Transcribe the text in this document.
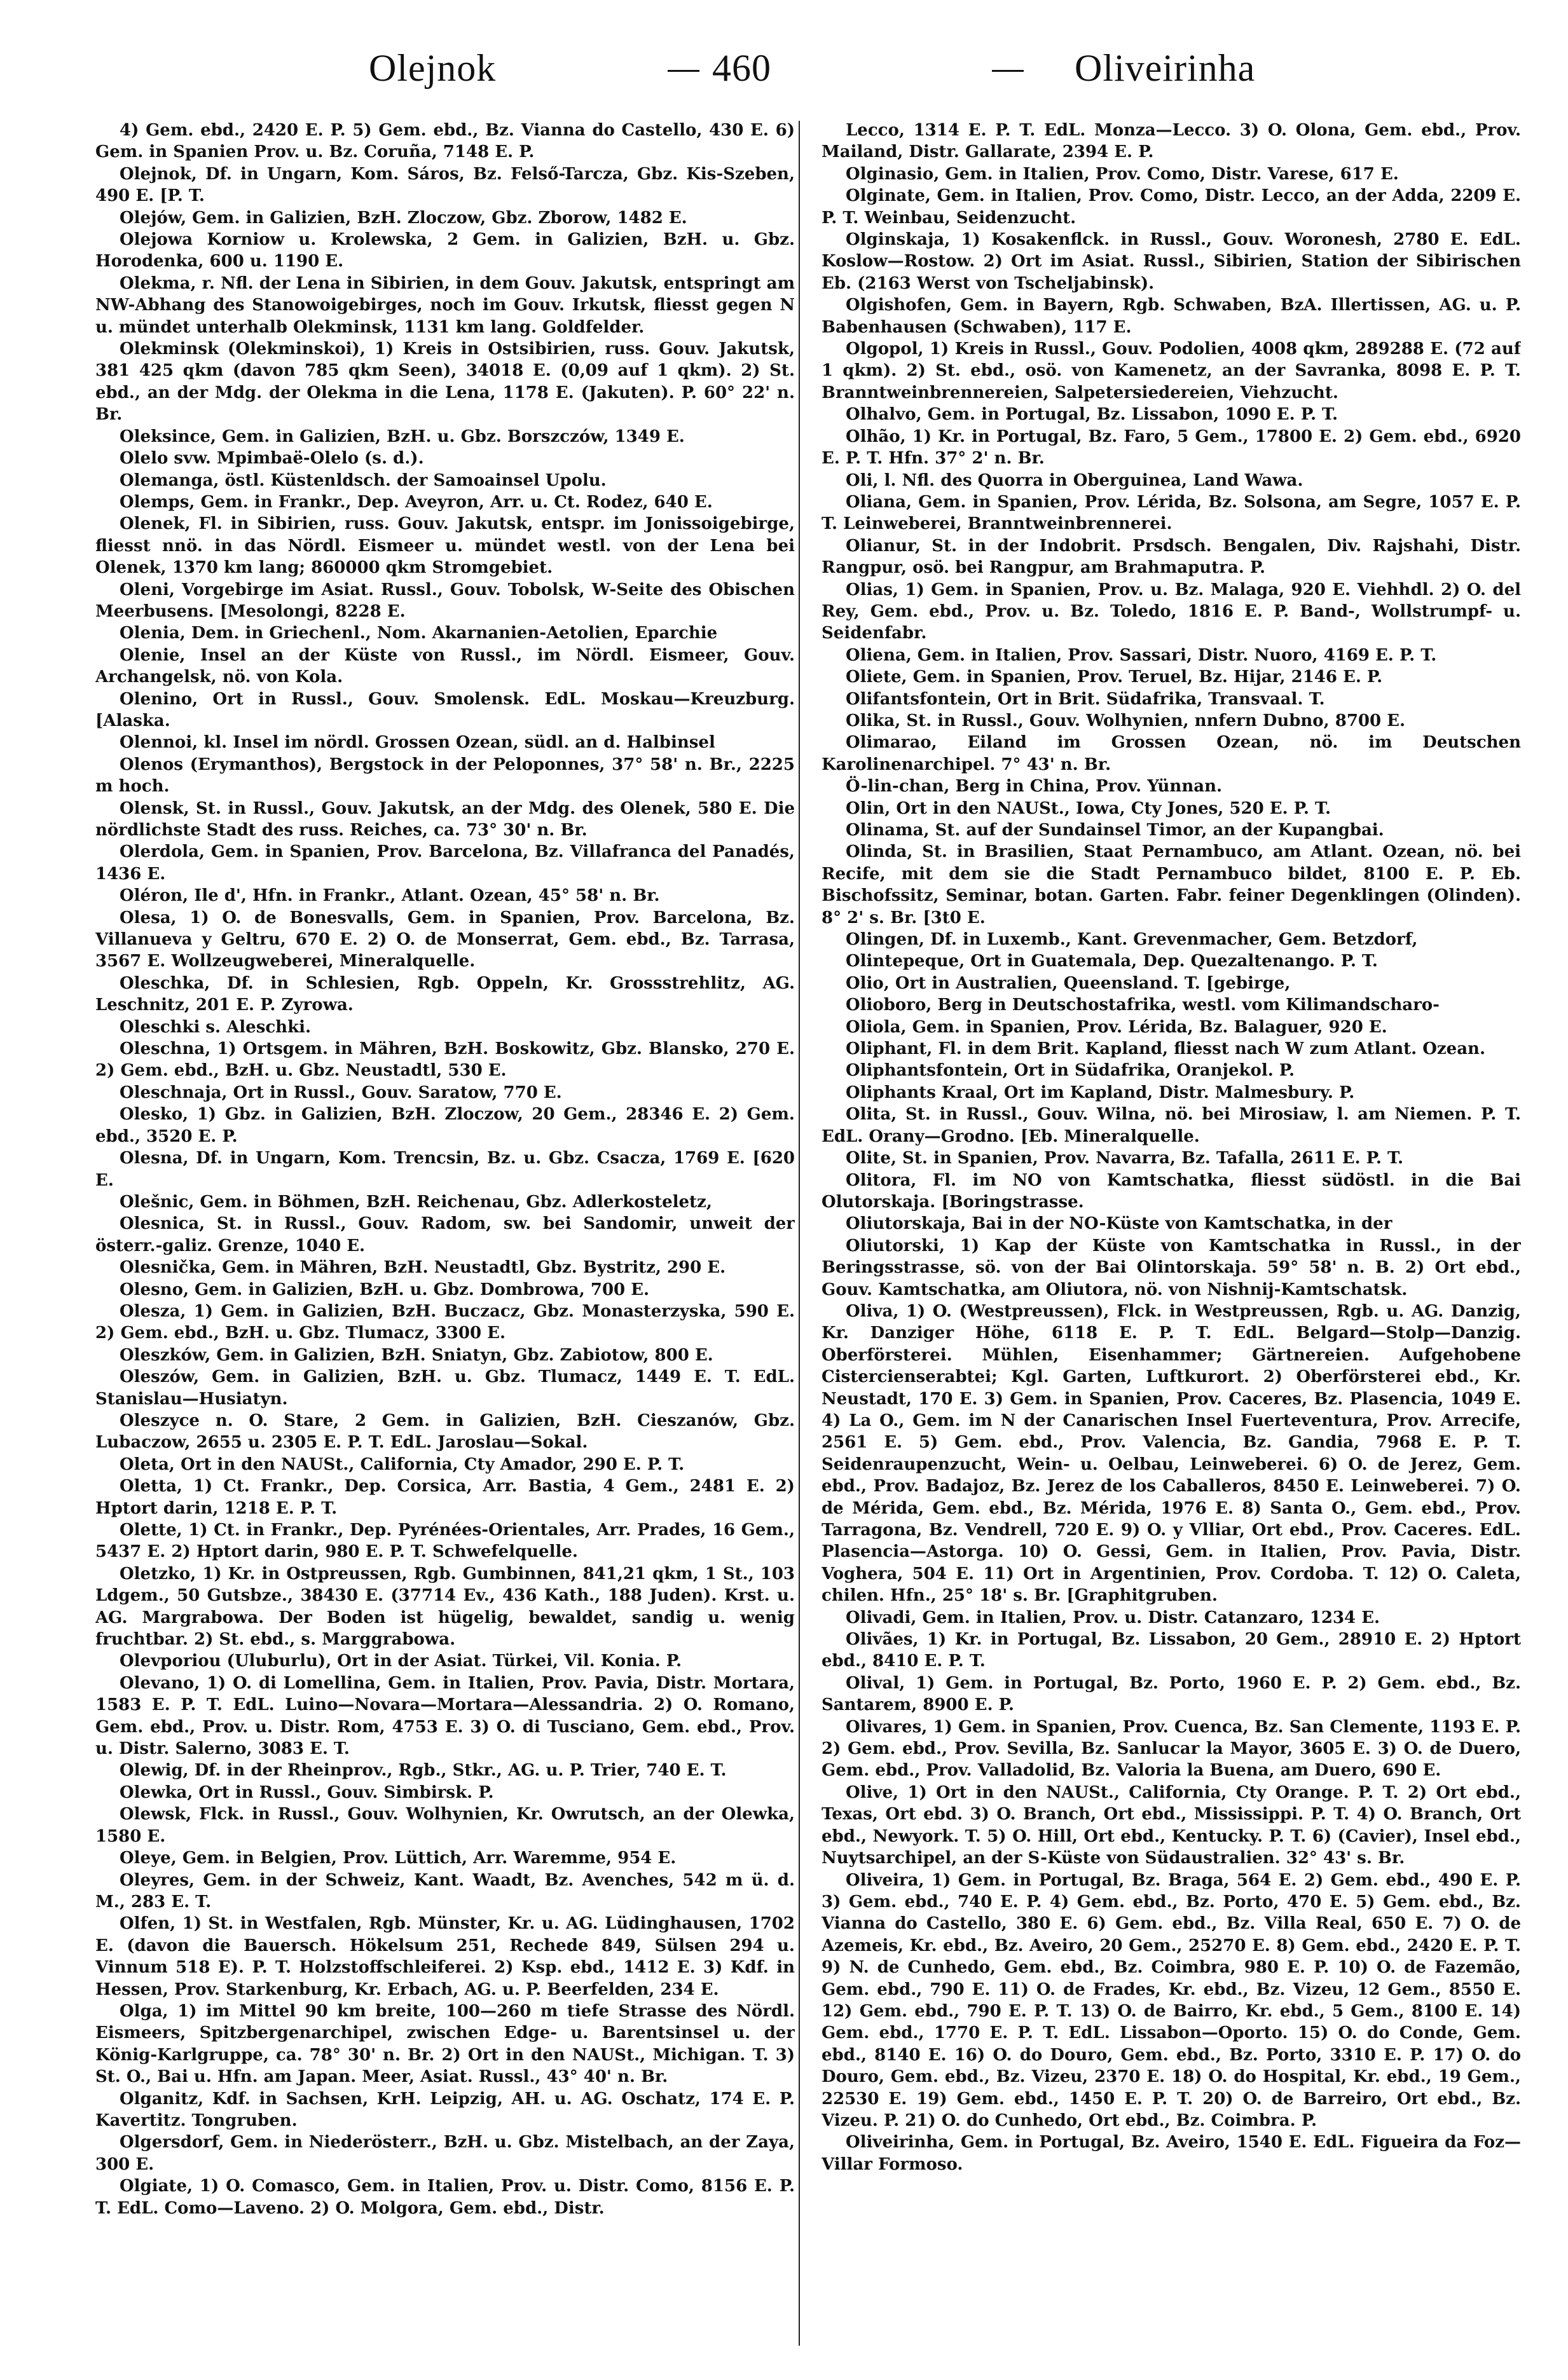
Olejnok	460	Oliveirinha

4) Gem. ebd., 2420 E. P. 5) Gem. ebd., Bz. Vianna do Castello, 430 E. 6) Gem. in Spanien Prov. u. Bz. Coruña, 7148 E. P.

Olejnok, Df. in Ungarn, Kom. Sáros, Bz. Felső-Tarcza, Gbz. Kis-Szeben, 490 E. [P. T.

Olejów, Gem. in Galizien, BzH. Zloczow, Gbz. Zborow, 1482 E.

Olejowa Korniow u. Krolewska, 2 Gem. in Galizien, BzH. u. Gbz. Horodenka, 600 u. 1190 E.

Olekma, r. Nfl. der Lena in Sibirien, in dem Gouv. Jakutsk, entspringt am NW-Abhang des Stanowoigebirges, noch im Gouv. Irkutsk, fliesst gegen N u. mündet unterhalb Olekminsk, 1131 km lang. Goldfelder.

Olekminsk (Olekminskoi), 1) Kreis in Ostsibirien, russ. Gouv. Jakutsk, 381 425 qkm (davon 785 qkm Seen), 34018 E. (0,09 auf 1 qkm). 2) St. ebd., an der Mdg. der Olekma in die Lena, 1178 E. (Jakuten). P. 60° 22' n. Br.

Oleksince, Gem. in Galizien, BzH. u. Gbz. Borszczów, 1349 E.

Olelo svw. Mpimbaë-Olelo (s. d.).

Olemanga, östl. Küstenldsch. der Samoainsel Upolu.

Olemps, Gem. in Frankr., Dep. Aveyron, Arr. u. Ct. Rodez, 640 E.

Olenek, Fl. in Sibirien, russ. Gouv. Jakutsk, entspr. im Jonissoigebirge, fliesst nnö. in das Nördl. Eismeer u. mündet westl. von der Lena bei Olenek, 1370 km lang; 860000 qkm Stromgebiet.

Oleni, Vorgebirge im Asiat. Russl., Gouv. Tobolsk, W-Seite des Obischen Meerbusens. [Mesolongi, 8228 E.

Olenia, Dem. in Griechenl., Nom. Akarnanien-Aetolien, Eparchie

Olenie, Insel an der Küste von Russl., im Nördl. Eismeer, Gouv. Archangelsk, nö. von Kola.

Olenino, Ort in Russl., Gouv. Smolensk. EdL. Moskau—Kreuzburg. [Alaska.

Olennoi, kl. Insel im nördl. Grossen Ozean, südl. an d. Halbinsel

Olenos (Erymanthos), Bergstock in der Peloponnes, 37° 58' n. Br., 2225 m hoch.

Olensk, St. in Russl., Gouv. Jakutsk, an der Mdg. des Olenek, 580 E. Die nördlichste Stadt des russ. Reiches, ca. 73° 30' n. Br.

Olerdola, Gem. in Spanien, Prov. Barcelona, Bz. Villafranca del Panadés, 1436 E.

Oléron, Ile d', Hfn. in Frankr., Atlant. Ozean, 45° 58' n. Br.

Olesa, 1) O. de Bonesvalls, Gem. in Spanien, Prov. Barcelona, Bz. Villanueva y Geltru, 670 E. 2) O. de Monserrat, Gem. ebd., Bz. Tarrasa, 3567 E. Wollzeugweberei, Mineralquelle.

Oleschka, Df. in Schlesien, Rgb. Oppeln, Kr. Grossstrehlitz, AG. Leschnitz, 201 E. P. Zyrowa.

Oleschki s. Aleschki.

Oleschna, 1) Ortsgem. in Mähren, BzH. Boskowitz, Gbz. Blansko, 270 E. 2) Gem. ebd., BzH. u. Gbz. Neustadtl, 530 E.

Oleschnaja, Ort in Russl., Gouv. Saratow, 770 E.

Olesko, 1) Gbz. in Galizien, BzH. Zloczow, 20 Gem., 28346 E. 2) Gem. ebd., 3520 E. P.

Olesna, Df. in Ungarn, Kom. Trencsin, Bz. u. Gbz. Csacza, 1769 E. [620 E.

Olešnic, Gem. in Böhmen, BzH. Reichenau, Gbz. Adlerkosteletz,

Olesnica, St. in Russl., Gouv. Radom, sw. bei Sandomir, unweit der österr.-galiz. Grenze, 1040 E.

Olesnička, Gem. in Mähren, BzH. Neustadtl, Gbz. Bystritz, 290 E.

Olesno, Gem. in Galizien, BzH. u. Gbz. Dombrowa, 700 E.

Olesza, 1) Gem. in Galizien, BzH. Buczacz, Gbz. Monasterzyska, 590 E. 2) Gem. ebd., BzH. u. Gbz. Tlumacz, 3300 E.

Oleszków, Gem. in Galizien, BzH. Sniatyn, Gbz. Zabiotow, 800 E.

Oleszów, Gem. in Galizien, BzH. u. Gbz. Tlumacz, 1449 E. T. EdL. Stanislau—Husiatyn.

Oleszyce n. O. Stare, 2 Gem. in Galizien, BzH. Cieszanów, Gbz. Lubaczow, 2655 u. 2305 E. P. T. EdL. Jaroslau—Sokal.

Oleta, Ort in den NAUSt., California, Cty Amador, 290 E. P. T.

Oletta, 1) Ct. Frankr., Dep. Corsica, Arr. Bastia, 4 Gem., 2481 E. 2) Hptort darin, 1218 E. P. T.

Olette, 1) Ct. in Frankr., Dep. Pyrénées-Orientales, Arr. Prades, 16 Gem., 5437 E. 2) Hptort darin, 980 E. P. T. Schwefelquelle.

Oletzko, 1) Kr. in Ostpreussen, Rgb. Gumbinnen, 841,21 qkm, 1 St., 103 Ldgem., 50 Gutsbze., 38430 E. (37714 Ev., 436 Kath., 188 Juden). Krst. u. AG. Margrabowa. Der Boden ist hügelig, bewaldet, sandig u. wenig fruchtbar. 2) St. ebd., s. Marggrabowa.

Olevporiou (Uluburlu), Ort in der Asiat. Türkei, Vil. Konia. P.

Olevano, 1) O. di Lomellina, Gem. in Italien, Prov. Pavia, Distr. Mortara, 1583 E. P. T. EdL. Luino—Novara—Mortara—Alessandria. 2) O. Romano, Gem. ebd., Prov. u. Distr. Rom, 4753 E. 3) O. di Tusciano, Gem. ebd., Prov. u. Distr. Salerno, 3083 E. T.

Olewig, Df. in der Rheinprov., Rgb., Stkr., AG. u. P. Trier, 740 E. T.

Olewka, Ort in Russl., Gouv. Simbirsk. P.

Olewsk, Flck. in Russl., Gouv. Wolhynien, Kr. Owrutsch, an der Olewka, 1580 E.

Oleye, Gem. in Belgien, Prov. Lüttich, Arr. Waremme, 954 E.

Oleyres, Gem. in der Schweiz, Kant. Waadt, Bz. Avenches, 542 m ü. d. M., 283 E. T.

Olfen, 1) St. in Westfalen, Rgb. Münster, Kr. u. AG. Lüdinghausen, 1702 E. (davon die Bauersch. Hökelsum 251, Rechede 849, Sülsen 294 u. Vinnum 518 E). P. T. Holzstoffschleiferei. 2) Ksp. ebd., 1412 E. 3) Kdf. in Hessen, Prov. Starkenburg, Kr. Erbach, AG. u. P. Beerfelden, 234 E.

Olga, 1) im Mittel 90 km breite, 100—260 m tiefe Strasse des Nördl. Eismeers, Spitzbergenarchipel, zwischen Edge- u. Barentsinsel u. der König-Karlgruppe, ca. 78° 30' n. Br. 2) Ort in den NAUSt., Michigan. T. 3) St. O., Bai u. Hfn. am Japan. Meer, Asiat. Russl., 43° 40' n. Br.

Olganitz, Kdf. in Sachsen, KrH. Leipzig, AH. u. AG. Oschatz, 174 E. P. Kavertitz. Tongruben.

Olgersdorf, Gem. in Niederösterr., BzH. u. Gbz. Mistelbach, an der Zaya, 300 E.

Olgiate, 1) O. Comasco, Gem. in Italien, Prov. u. Distr. Como, 8156 E. P. T. EdL. Como—Laveno. 2) O. Molgora, Gem. ebd., Distr.

Lecco, 1314 E. P. T. EdL. Monza—Lecco. 3) O. Olona, Gem. ebd., Prov. Mailand, Distr. Gallarate, 2394 E. P.

Olginasio, Gem. in Italien, Prov. Como, Distr. Varese, 617 E.

Olginate, Gem. in Italien, Prov. Como, Distr. Lecco, an der Adda, 2209 E. P. T. Weinbau, Seidenzucht.

Olginskaja, 1) Kosakenflck. in Russl., Gouv. Woronesh, 2780 E. EdL. Koslow—Rostow. 2) Ort im Asiat. Russl., Sibirien, Station der Sibirischen Eb. (2163 Werst von Tscheljabinsk).

Olgishofen, Gem. in Bayern, Rgb. Schwaben, BzA. Illertissen, AG. u. P. Babenhausen (Schwaben), 117 E.

Olgopol, 1) Kreis in Russl., Gouv. Podolien, 4008 qkm, 289288 E. (72 auf 1 qkm). 2) St. ebd., osö. von Kamenetz, an der Savranka, 8098 E. P. T. Branntweinbrennereien, Salpetersiedereien, Viehzucht.

Olhalvo, Gem. in Portugal, Bz. Lissabon, 1090 E. P. T.

Olhão, 1) Kr. in Portugal, Bz. Faro, 5 Gem., 17800 E. 2) Gem. ebd., 6920 E. P. T. Hfn. 37° 2' n. Br.

Oli, l. Nfl. des Quorra in Oberguinea, Land Wawa.

Oliana, Gem. in Spanien, Prov. Lérida, Bz. Solsona, am Segre, 1057 E. P. T. Leinweberei, Branntweinbrennerei.

Olianur, St. in der Indobrit. Prsdsch. Bengalen, Div. Rajshahi, Distr. Rangpur, osö. bei Rangpur, am Brahmaputra. P.

Olias, 1) Gem. in Spanien, Prov. u. Bz. Malaga, 920 E. Viehhdl. 2) O. del Rey, Gem. ebd., Prov. u. Bz. Toledo, 1816 E. P. Band-, Wollstrumpf- u. Seidenfabr.

Oliena, Gem. in Italien, Prov. Sassari, Distr. Nuoro, 4169 E. P. T.

Oliete, Gem. in Spanien, Prov. Teruel, Bz. Hijar, 2146 E. P.

Olifantsfontein, Ort in Brit. Südafrika, Transvaal. T.

Olika, St. in Russl., Gouv. Wolhynien, nnfern Dubno, 8700 E.

Olimarao, Eiland im Grossen Ozean, nö. im Deutschen Karolinenarchipel. 7° 43' n. Br.

Ö-lin-chan, Berg in China, Prov. Yünnan.

Olin, Ort in den NAUSt., Iowa, Cty Jones, 520 E. P. T.

Olinama, St. auf der Sundainsel Timor, an der Kupangbai.

Olinda, St. in Brasilien, Staat Pernambuco, am Atlant. Ozean, nö. bei Recife, mit dem sie die Stadt Pernambuco bildet, 8100 E. P. Eb. Bischofssitz, Seminar, botan. Garten. Fabr. feiner Degenklingen (Olinden). 8° 2' s. Br. [3t0 E.

Olingen, Df. in Luxemb., Kant. Grevenmacher, Gem. Betzdorf,

Olintepeque, Ort in Guatemala, Dep. Quezaltenango. P. T.

Olio, Ort in Australien, Queensland. T. [gebirge,

Olioboro, Berg in Deutschostafrika, westl. vom Kilimandscharo-

Oliola, Gem. in Spanien, Prov. Lérida, Bz. Balaguer, 920 E.

Oliphant, Fl. in dem Brit. Kapland, fliesst nach W zum Atlant. Ozean.

Oliphantsfontein, Ort in Südafrika, Oranjekol. P.

Oliphants Kraal, Ort im Kapland, Distr. Malmesbury. P.

Olita, St. in Russl., Gouv. Wilna, nö. bei Mirosiaw, l. am Niemen. P. T. EdL. Orany—Grodno. [Eb. Mineralquelle.

Olite, St. in Spanien, Prov. Navarra, Bz. Tafalla, 2611 E. P. T.

Olitora, Fl. im NO von Kamtschatka, fliesst südöstl. in die Bai Olutorskaja. [Boringstrasse.

Oliutorskaja, Bai in der NO-Küste von Kamtschatka, in der

Oliutorski, 1) Kap der Küste von Kamtschatka in Russl., in der Beringsstrasse, sö. von der Bai Olintorskaja. 59° 58' n. B. 2) Ort ebd., Gouv. Kamtschatka, am Oliutora, nö. von Nishnij-Kamtschatsk.

Oliva, 1) O. (Westpreussen), Flck. in Westpreussen, Rgb. u. AG. Danzig, Kr. Danziger Höhe, 6118 E. P. T. EdL. Belgard—Stolp—Danzig. Oberförsterei. Mühlen, Eisenhammer; Gärtnereien. Aufgehobene Cistercienserabtei; Kgl. Garten, Luftkurort. 2) Oberförsterei ebd., Kr. Neustadt, 170 E. 3) Gem. in Spanien, Prov. Caceres, Bz. Plasencia, 1049 E. 4) La O., Gem. im N der Canarischen Insel Fuerteventura, Prov. Arrecife, 2561 E. 5) Gem. ebd., Prov. Valencia, Bz. Gandia, 7968 E. P. T. Seidenraupenzucht, Wein- u. Oelbau, Leinweberei. 6) O. de Jerez, Gem. ebd., Prov. Badajoz, Bz. Jerez de los Caballeros, 8450 E. Leinweberei. 7) O. de Mérida, Gem. ebd., Bz. Mérida, 1976 E. 8) Santa O., Gem. ebd., Prov. Tarragona, Bz. Vendrell, 720 E. 9) O. y Vlliar, Ort ebd., Prov. Caceres. EdL. Plasencia—Astorga. 10) O. Gessi, Gem. in Italien, Prov. Pavia, Distr. Voghera, 504 E. 11) Ort in Argentinien, Prov. Cordoba. T. 12) O. Caleta, chilen. Hfn., 25° 18' s. Br. [Graphitgruben.

Olivadi, Gem. in Italien, Prov. u. Distr. Catanzaro, 1234 E.

Olivães, 1) Kr. in Portugal, Bz. Lissabon, 20 Gem., 28910 E. 2) Hptort ebd., 8410 E. P. T.

Olival, 1) Gem. in Portugal, Bz. Porto, 1960 E. P. 2) Gem. ebd., Bz. Santarem, 8900 E. P.

Olivares, 1) Gem. in Spanien, Prov. Cuenca, Bz. San Clemente, 1193 E. P. 2) Gem. ebd., Prov. Sevilla, Bz. Sanlucar la Mayor, 3605 E. 3) O. de Duero, Gem. ebd., Prov. Valladolid, Bz. Valoria la Buena, am Duero, 690 E.

Olive, 1) Ort in den NAUSt., California, Cty Orange. P. T. 2) Ort ebd., Texas, Ort ebd. 3) O. Branch, Ort ebd., Mississippi. P. T. 4) O. Branch, Ort ebd., Newyork. T. 5) O. Hill, Ort ebd., Kentucky. P. T. 6) (Cavier), Insel ebd., Nuytsarchipel, an der S-Küste von Südaustralien. 32° 43' s. Br.

Oliveira, 1) Gem. in Portugal, Bz. Braga, 564 E. 2) Gem. ebd., 490 E. P. 3) Gem. ebd., 740 E. P. 4) Gem. ebd., Bz. Porto, 470 E. 5) Gem. ebd., Bz. Vianna do Castello, 380 E. 6) Gem. ebd., Bz. Villa Real, 650 E. 7) O. de Azemeis, Kr. ebd., Bz. Aveiro, 20 Gem., 25270 E. 8) Gem. ebd., 2420 E. P. T. 9) N. de Cunhedo, Gem. ebd., Bz. Coimbra, 980 E. P. 10) O. de Fazemão, Gem. ebd., 790 E. 11) O. de Frades, Kr. ebd., Bz. Vizeu, 12 Gem., 8550 E. 12) Gem. ebd., 790 E. P. T. 13) O. de Bairro, Kr. ebd., 5 Gem., 8100 E. 14) Gem. ebd., 1770 E. P. T. EdL. Lissabon—Oporto. 15) O. do Conde, Gem. ebd., 8140 E. 16) O. do Douro, Gem. ebd., Bz. Porto, 3310 E. P. 17) O. do Douro, Gem. ebd., Bz. Vizeu, 2370 E. 18) O. do Hospital, Kr. ebd., 19 Gem., 22530 E. 19) Gem. ebd., 1450 E. P. T. 20) O. de Barreiro, Ort ebd., Bz. Vizeu. P. 21) O. do Cunhedo, Ort ebd., Bz. Coimbra. P.

Oliveirinha, Gem. in Portugal, Bz. Aveiro, 1540 E. EdL. Figueira da Foz—Villar Formoso.
